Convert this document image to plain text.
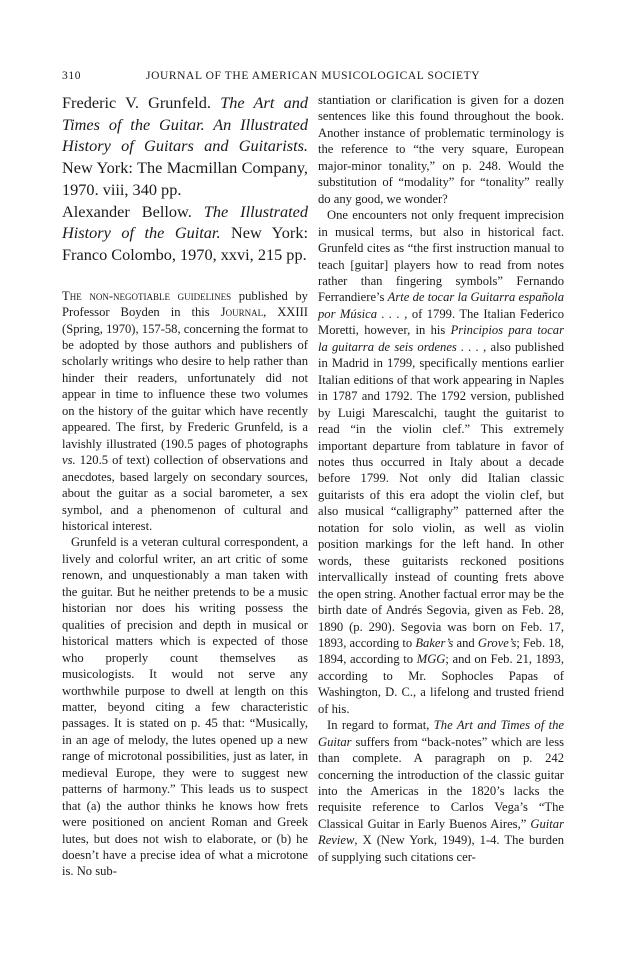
310	JOURNAL OF THE AMERICAN MUSICOLOGICAL SOCIETY
Frederic V. Grunfeld. The Art and Times of the Guitar. An Illustrated History of Guitars and Guitarists. New York: The Macmillan Company, 1970. viii, 340 pp.
Alexander Bellow. The Illustrated History of the Guitar. New York: Franco Colombo, 1970, xxvi, 215 pp.

The non-negotiable guidelines published by Professor Boyden in this Journal, XXIII (Spring, 1970), 157-58, concerning the format to be adopted by those authors and publishers of scholarly writings who desire to help rather than hinder their readers, unfortunately did not appear in time to influence these two volumes on the history of the guitar which have recently appeared. The first, by Frederic Grunfeld, is a lavishly illustrated (190.5 pages of photographs vs. 120.5 of text) collection of observations and anecdotes, based largely on secondary sources, about the guitar as a social barometer, a sex symbol, and a phenomenon of cultural and historical interest.

Grunfeld is a veteran cultural correspondent, a lively and colorful writer, an art critic of some renown, and unquestionably a man taken with the guitar. But he neither pretends to be a music historian nor does his writing possess the qualities of precision and depth in musical or historical matters which is expected of those who properly count themselves as musicologists. It would not serve any worthwhile purpose to dwell at length on this matter, beyond citing a few characteristic passages. It is stated on p. 45 that: “Musically, in an age of melody, the lutes opened up a new range of microtonal possibilities, just as later, in medieval Europe, they were to suggest new patterns of harmony.” This leads us to suspect that (a) the author thinks he knows how frets were positioned on ancient Roman and Greek lutes, but does not wish to elaborate, or (b) he doesn’t have a precise idea of what a microtone is. No sub-

stantiation or clarification is given for a dozen sentences like this found throughout the book. Another instance of problematic terminology is the reference to “the very square, European major-minor tonality,” on p. 248. Would the substitution of “modality” for “tonality” really do any good, we wonder?

One encounters not only frequent imprecision in musical terms, but also in historical fact. Grunfeld cites as “the first instruction manual to teach [guitar] players how to read from notes rather than fingering symbols” Fernando Ferrandiere’s Arte de tocar la Guitarra española por Música . . . , of 1799. The Italian Federico Moretti, however, in his Principios para tocar la guitarra de seis ordenes . . . , also published in Madrid in 1799, specifically mentions earlier Italian editions of that work appearing in Naples in 1787 and 1792. The 1792 version, published by Luigi Marescalchi, taught the guitarist to read “in the violin clef.” This extremely important departure from tablature in favor of notes thus occurred in Italy about a decade before 1799. Not only did Italian classic guitarists of this era adopt the violin clef, but also musical “calligraphy” patterned after the notation for solo violin, as well as violin position markings for the left hand. In other words, these guitarists reckoned positions intervallically instead of counting frets above the open string. Another factual error may be the birth date of Andrés Segovia, given as Feb. 28, 1890 (p. 290). Segovia was born on Feb. 17, 1893, according to Baker’s and Grove’s; Feb. 18, 1894, according to MGG; and on Feb. 21, 1893, according to Mr. Sophocles Papas of Washington, D. C., a lifelong and trusted friend of his.

In regard to format, The Art and Times of the Guitar suffers from “back-notes” which are less than complete. A paragraph on p. 242 concerning the introduction of the classic guitar into the Americas in the 1820’s lacks the requisite reference to Carlos Vega’s “The Classical Guitar in Early Buenos Aires,” Guitar Review, X (New York, 1949), 1-4. The burden of supplying such citations cer-
